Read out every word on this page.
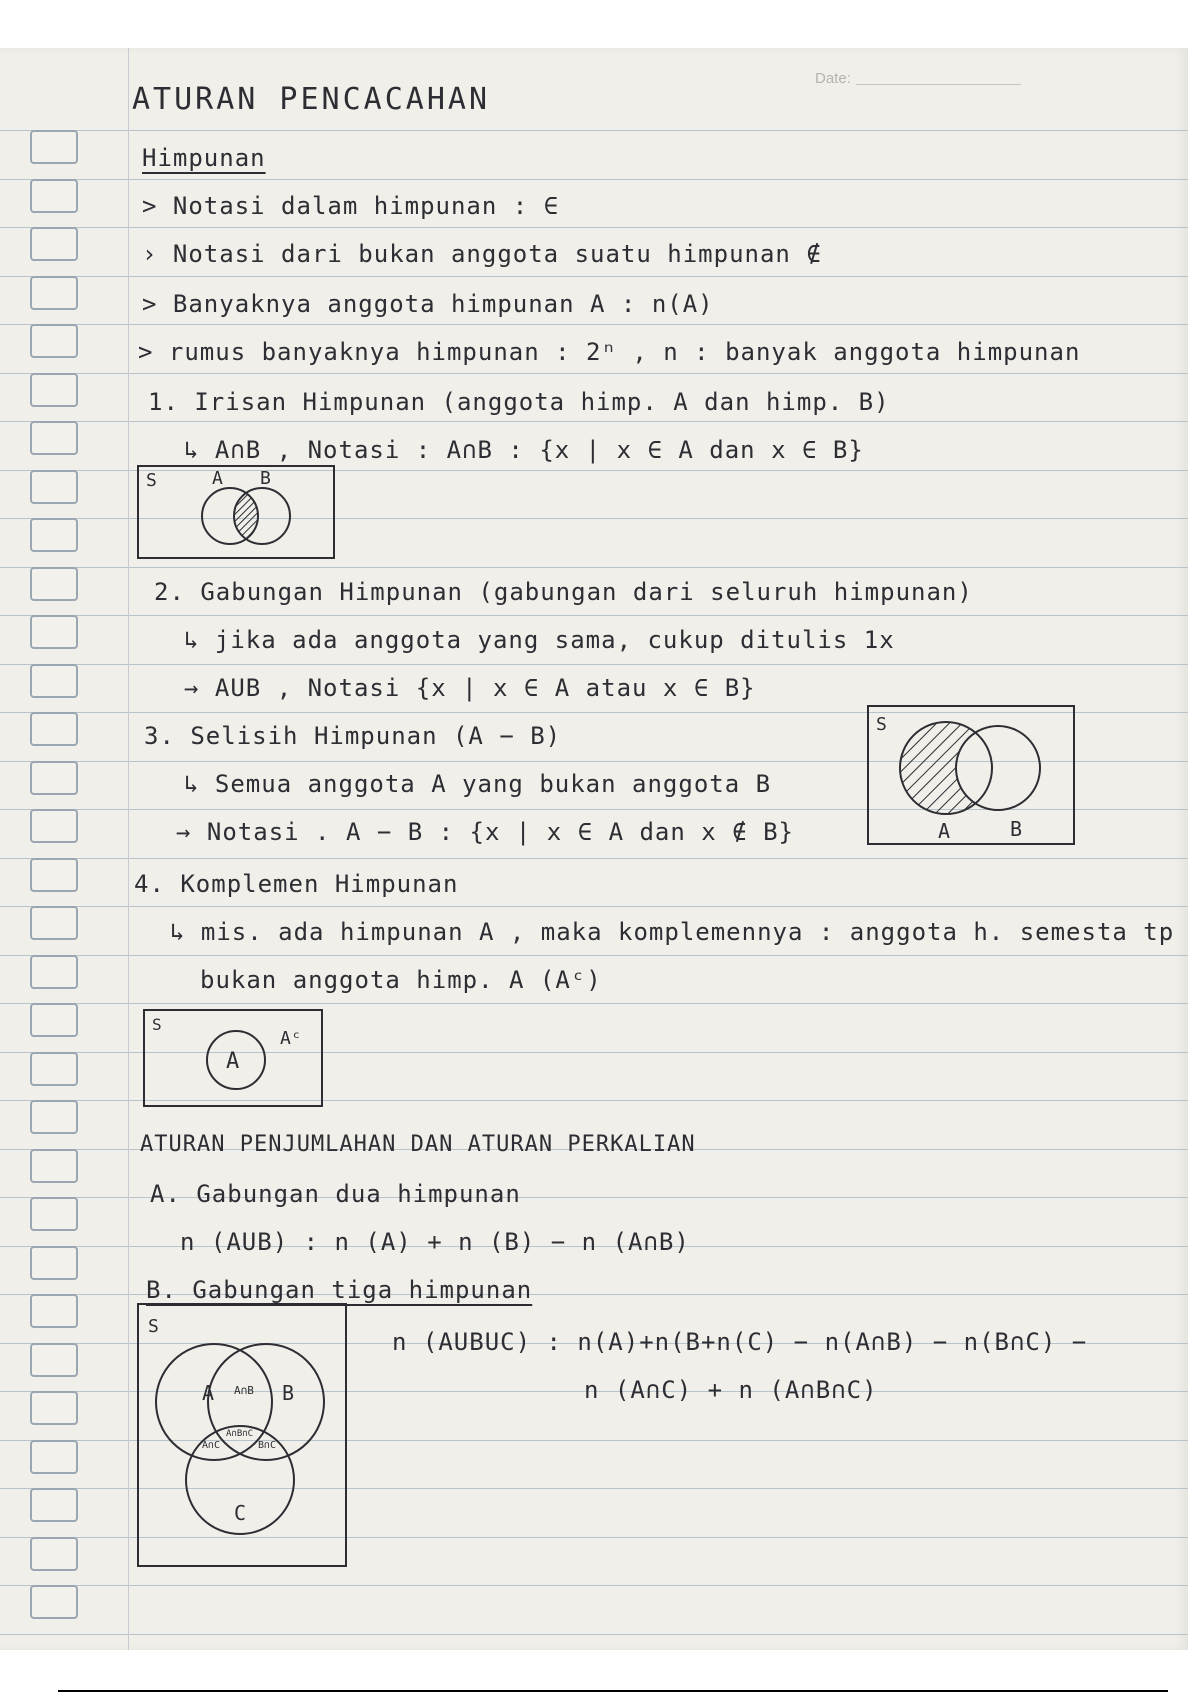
Date:
ATURAN PENCACAHAN
Himpunan
> Notasi dalam himpunan : ∈
› Notasi dari bukan anggota suatu himpunan ∉
> Banyaknya anggota himpunan A : n(A)
> rumus banyaknya himpunan : 2ⁿ , n : banyak anggota himpunan
1. Irisan Himpunan (anggota himp. A dan himp. B)
↳ A∩B , Notasi : A∩B : {x | x ∈ A dan x ∈ B}
S	A B
2. Gabungan Himpunan (gabungan dari seluruh himpunan)
↳ jika ada anggota yang sama, cukup ditulis 1x
→ AUB , Notasi {x | x ∈ A atau x ∈ B}
3. Selisih Himpunan (A − B)
↳ Semua anggota A yang bukan anggota B
→ Notasi . A − B : {x | x ∈ A dan x ∉ B}
S
A	B
4. Komplemen Himpunan
↳ mis. ada himpunan A , maka komplemennya : anggota h. semesta tp
bukan anggota himp. A (Aᶜ)
S
A
Aᶜ
ATURAN PENJUMLAHAN DAN ATURAN PERKALIAN
A. Gabungan dua himpunan
n (AUB) : n (A) + n (B) − n (A∩B)
B. Gabungan tiga himpunan
n (AUBUC) : n(A)+n(B+n(C) − n(A∩B) − n(B∩C) −
n (A∩C) + n (A∩B∩C)
S
A	B
A∩B
A∩C	B∩C
A∩B∩C
C
